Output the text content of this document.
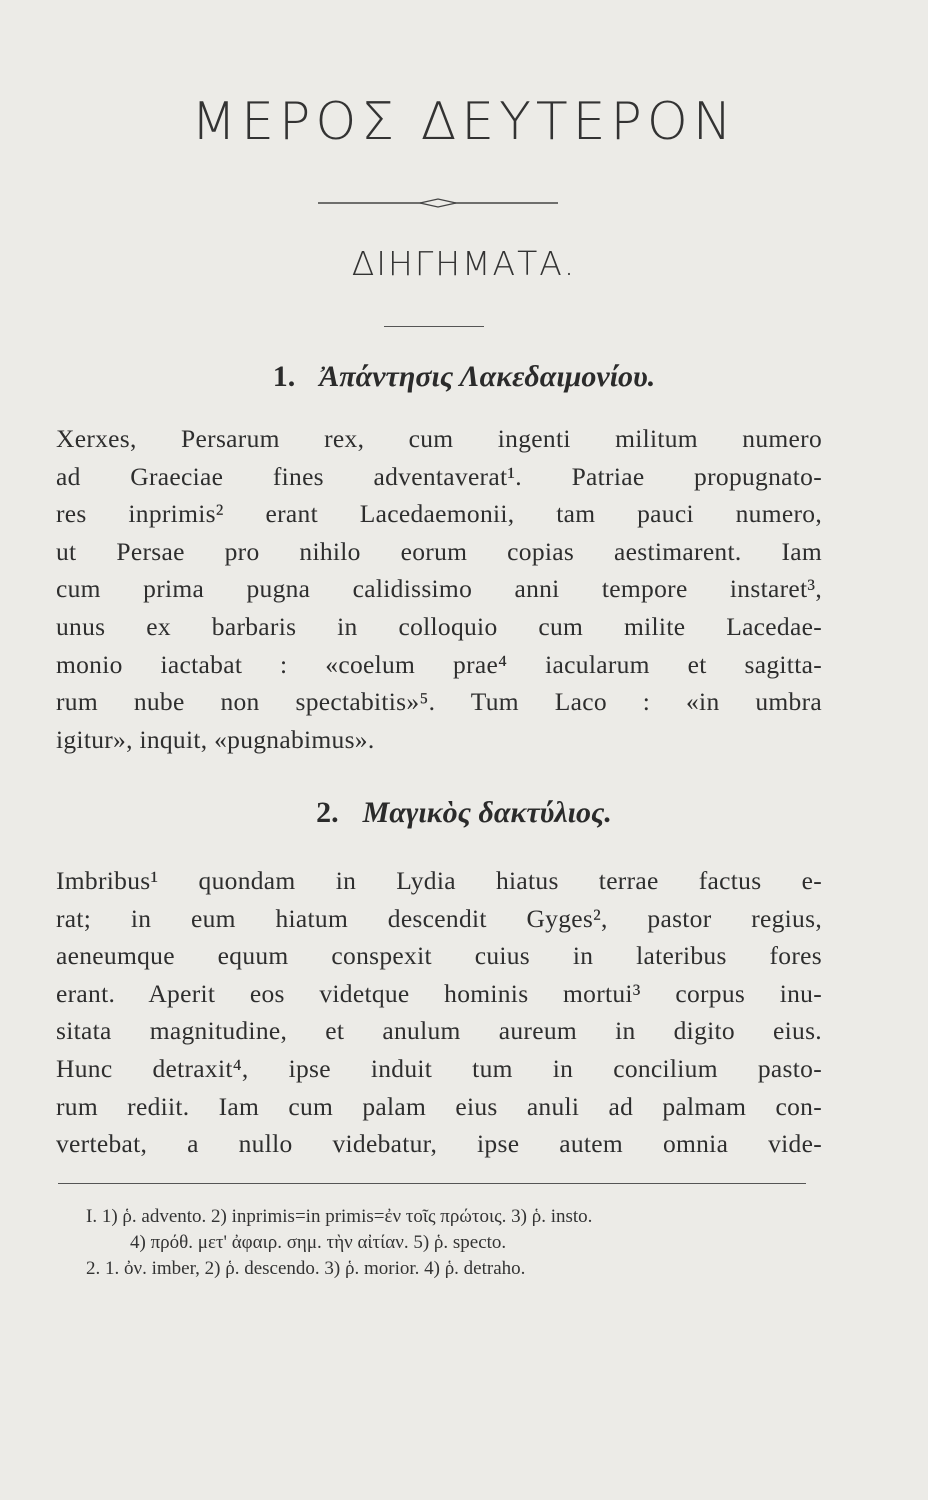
ΜΕΡΟΣ ΔΕΥΤΕΡΟΝ
ΔΙΗΓΗΜΑΤΑ.
1. Ἀπάντησις Λακεδαιμονίου.
Xerxes, Persarum rex, cum ingenti militum numero
ad Graeciae fines adventaverat¹. Patriae propugnato-
res inprimis² erant Lacedaemonii, tam pauci numero,
ut Persae pro nihilo eorum copias aestimarent. Iam
cum prima pugna calidissimo anni tempore instaret³,
unus ex barbaris in colloquio cum milite Lacedae-
monio iactabat : «coelum prae⁴ iacularum et sagitta-
rum nube non spectabitis»⁵. Tum Laco : «in umbra
igitur», inquit, «pugnabimus».
2. Μαγικὸς δακτύλιος.
Imbribus¹ quondam in Lydia hiatus terrae factus e-
rat; in eum hiatum descendit Gyges², pastor regius,
aeneumque equum conspexit cuius in lateribus fores
erant. Aperit eos videtque hominis mortui³ corpus inu-
sitata magnitudine, et anulum aureum in digito eius.
Hunc detraxit⁴, ipse induit tum in concilium pasto-
rum rediit. Iam cum palam eius anuli ad palmam con-
vertebat, a nullo videbatur, ipse autem omnia vide-
I. 1) ῥ. advento. 2) inprimis=in primis=ἐν τοῖς πρώτοις. 3) ῥ. insto.
4) πρόθ. μετ' ἀφαιρ. σημ. τὴν αἰτίαν. 5) ῥ. specto.
2. 1. ὀν. imber, 2) ῥ. descendo. 3) ῥ. morior. 4) ῥ. detraho.
